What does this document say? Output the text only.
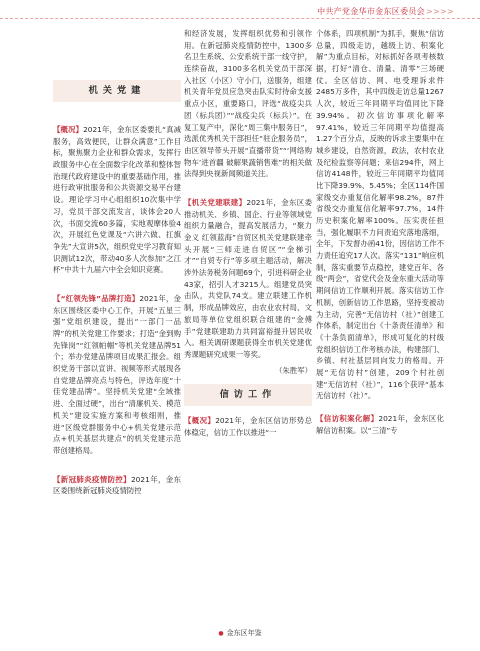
中共产党金华市金东区委员会>>>>
机关党建

【概况】2021年，金东区委要扎“真减服务，高效便民，让群众满意”工作目标，聚焦聚力企业和群众需求，发挥行政服务中心在全面数字化改革和整体智治现代政府建设中的重要基础作用，推进行政审批服务和公共资源交易平台建设。理论学习中心组组织10次集中学习，党员干部交流发言，谈体会20人次，书面交流60多篇，实地观摩体验4次，开展红色党课及“六讲六做、扛旗争先”大宣讲5次，组织党史学习教育知识测试12次，带动40多人次参加“之江杯”中共十九届六中全会知识竞赛。

【“红领先锋”品牌打造】2021年，金东区围绕区委中心工作，开展“五星三强”党组织建设，提出“一部门一品牌”的机关党建工作要求；打造“金到购先锋岗”“红领帕帼”等机关党建品牌51个；举办党建品牌项目成果汇报会。组织党务干部以宣讲、视频等形式展现各自党建品牌亮点与特色，评选年度“十佳党建品牌”。坚持机关党建“全域推进、全面过硬”，出台“清廉机关、模范机关”建设实施方案和考核细则，推进“区级党群服务中心+机关党建示范点+机关基层共建点”的机关党建示范带创建格局。

【新冠肺炎疫情防控】2021年，金东区委围绕新冠肺炎疫情防控

和经济发展，发挥组织优势和引领作用。在新冠肺炎疫情防控中，1300多名卫生系统、公安系统干部一线守护，连续奋战，3100多名机关党员干部深入社区（小区）守小门，送服务，组建机关青年党员应急突击队实时待命支援重点小区，重要路口，评选“战疫尖兵团（标兵团）”“战疫尖兵（标兵）”。在复工复产中，深化“周三集中服务日”，选派优秀机关干部担任“驻企服务员”，由区领导带头开展“直播带货”“‘网络购物车’进首疆 破解果蔬销售难”的相关做法得到央视新闻频道关注。

【机关党建联建】2021年，金东区委推动机关、乡镇、国企、行业等领域党组织力量融合，提高发展活力，“聚力金义 红领蓝海”自贸区机关党建联建牵头开展“三师走进自贸区”“金梯引才”“自贸专行”等多项主题活动，解决涉外法务税务问题69个，引进科研企业43家，招引人才3215人。组建党员突击队，共党队74支。建立联建工作机制，形成品牌效应，由农业农村局、文旅局等单位党组织联合组建的“金傅手”党建联建助力共同富裕提升居民收入。相关调研课题获得全市机关党建优秀课题研究成果一等奖。

（朱胜军）
信访工作

【概况】2021年，金东区信访形势总体稳定，信访工作以推进“一

个体系，四项机制”为抓手，聚焦“信访总量，四级走访，越级上访、积案化解”为重点目标，对标抓好各项考核数据，打好“清仓、清量、清零”三场硬仗。全区信访、网、电受理诉求件2485万多件，其中四级走访总量1267人次，较近三年同期平均值同比下降39.94%。初次信访事项化解率97.41%，较近三年同期平均值提高1.27个百分点，反映的诉求主要集中在城乡建设，自然资源，政法，农村农业及纪检监察等问题；来信294件，网上信访4148件，较近三年同期平均值同比下降39.9%、5.45%；全区114件国家级交办重复信化解率98.2%，87件省级交办重复信化解率97.7%，14件历史积案化解率100%。压实责任担当，强化履职不力问责追究落地落细，全年，下发督办函41份，因信访工作不力责任追究17人次。落实“131”响应机制，落实重要节点稳控，建党百年、各级“两会”，省党代会及金东重大活动等期间信访工作顺利开展。落实信访工作机制，创新信访工作思路，坚持变被动为主动，完善“无信访村（社）”创建工作体系，制定出台《十条责任清单》和《十条负面清单》，形成可复化的村级党组织信访工作考核办法，构建部门、乡镇、村社基层同向发力的格局。开展“无信访村”创建，209个村社创建“无信访村（社）”，116个获评“基本无信访村（社）”。

【信访积案化解】2021年，金东区化解信访积案。以“三清”专

● 金东区年鉴
